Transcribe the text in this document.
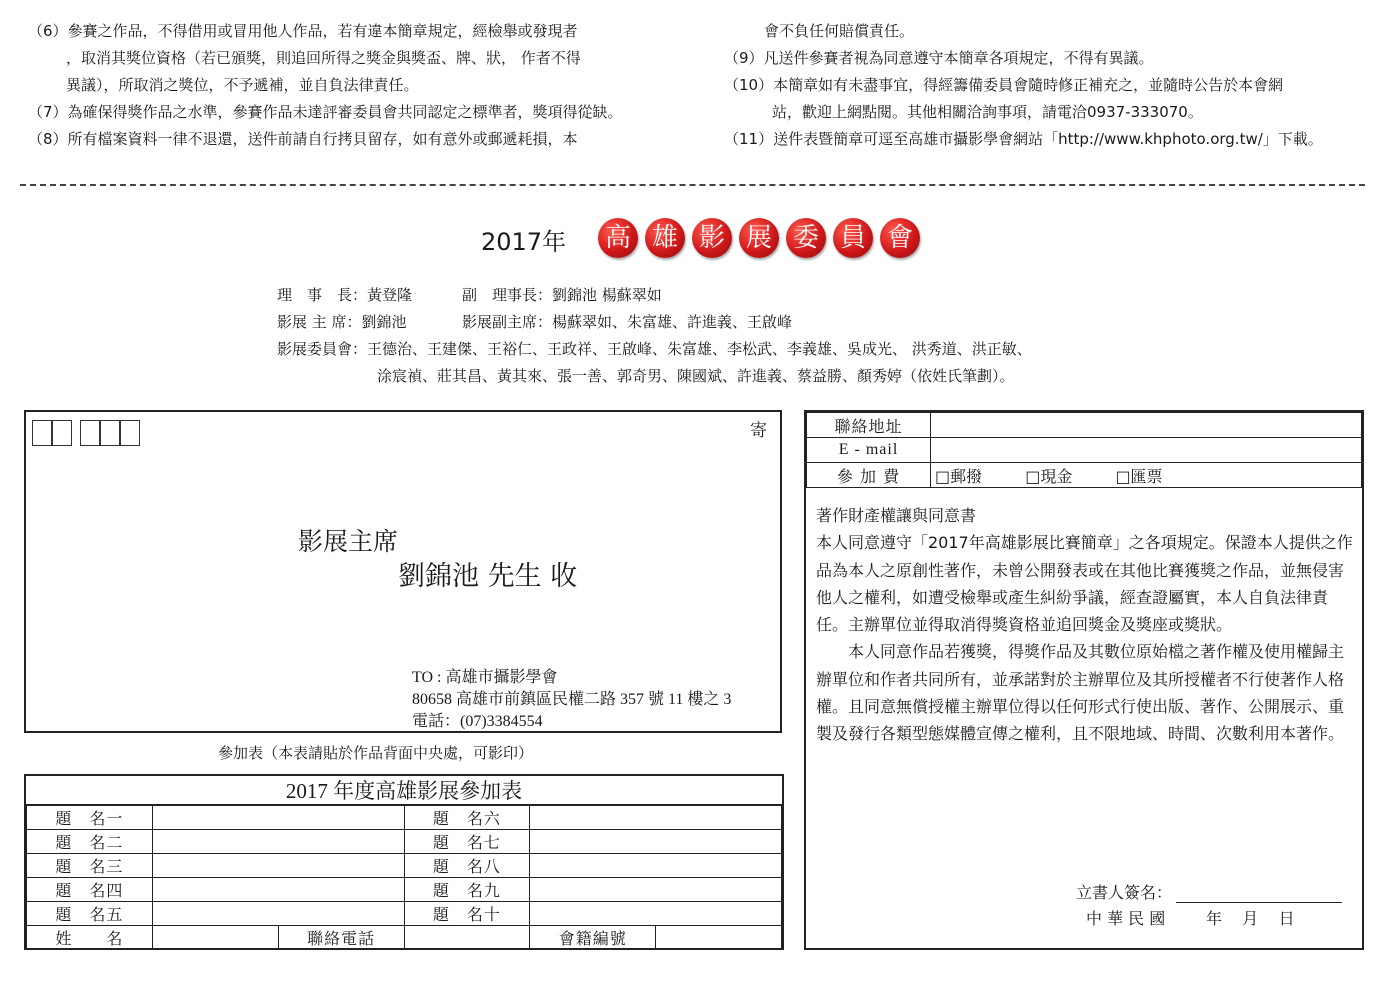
（6）參賽之作品，不得借用或冒用他人作品，若有違本簡章規定，經檢舉或發現者
，取消其獎位資格（若已頒獎，則追回所得之獎金與獎盃、牌、狀， 作者不得
異議），所取消之獎位，不予遞補，並自負法律責任。
（7）為確保得獎作品之水準，參賽作品未達評審委員會共同認定之標準者，獎項得從缺。
（8）所有檔案資料一律不退還，送件前請自行拷貝留存，如有意外或郵遞耗損，本
會不負任何賠償責任。
（9）凡送件參賽者視為同意遵守本簡章各項規定，不得有異議。
（10）本簡章如有未盡事宜，得經籌備委員會隨時修正補充之，並隨時公告於本會網
站，歡迎上網點閱。其他相關洽詢事項，請電洽0937-333070。
（11）送件表暨簡章可逕至高雄市攝影學會網站「http://www.khphoto.org.tw/」下載。
2017年 高 雄 影 展 委 員 會
理　事　長：黃登隆	副　理事長：劉錦池 楊蘇翠如
影展 主 席：劉錦池	影展副主席：楊蘇翠如、朱富雄、許進義、王啟峰
影展委員會：王德治、王建傑、王裕仁、王政祥、王啟峰、朱富雄、李松武、李義雄、吳成光、 洪秀道、洪正敏、
涂宸禎、莊其昌、黃其來、張一善、郭奇男、陳國斌、許進義、蔡益勝、顏秀婷（依姓氏筆劃）。
寄
影展主席
劉錦池 先生 收
TO : 高雄市攝影學會
80658 高雄市前鎮區民權二路 357 號 11 樓之 3
電話：(07)3384554
參加表（本表請貼於作品背面中央處，可影印）
2017 年度高雄影展參加表
題　名一			題　名六		
題　名二			題　名七		
題　名三			題　名八		
題　名四			題　名九		
題　名五			題　名十		
姓　　名		聯絡電話		會籍編號	
聯絡地址	
E - mail	
參 加 費	□郵撥 □現金 □匯票
著作財產權讓與同意書
本人同意遵守「2017年高雄影展比賽簡章」之各項規定。保證本人提供之作品為本人之原創性著作，未曾公開發表或在其他比賽獲獎之作品，並無侵害他人之權利，如遭受檢舉或產生糾紛爭議，經查證屬實，本人自負法律責任。主辦單位並得取消得獎資格並追回獎金及獎座或獎狀。
本人同意作品若獲獎，得獎作品及其數位原始檔之著作權及使用權歸主辦單位和作者共同所有，並承諾對於主辦單位及其所授權者不行使著作人格權。且同意無償授權主辦單位得以任何形式行使出版、著作、公開展示、重製及發行各類型態媒體宣傳之權利，且不限地域、時間、次數利用本著作。
立書人簽名：
中 華 民 國        年    月    日
